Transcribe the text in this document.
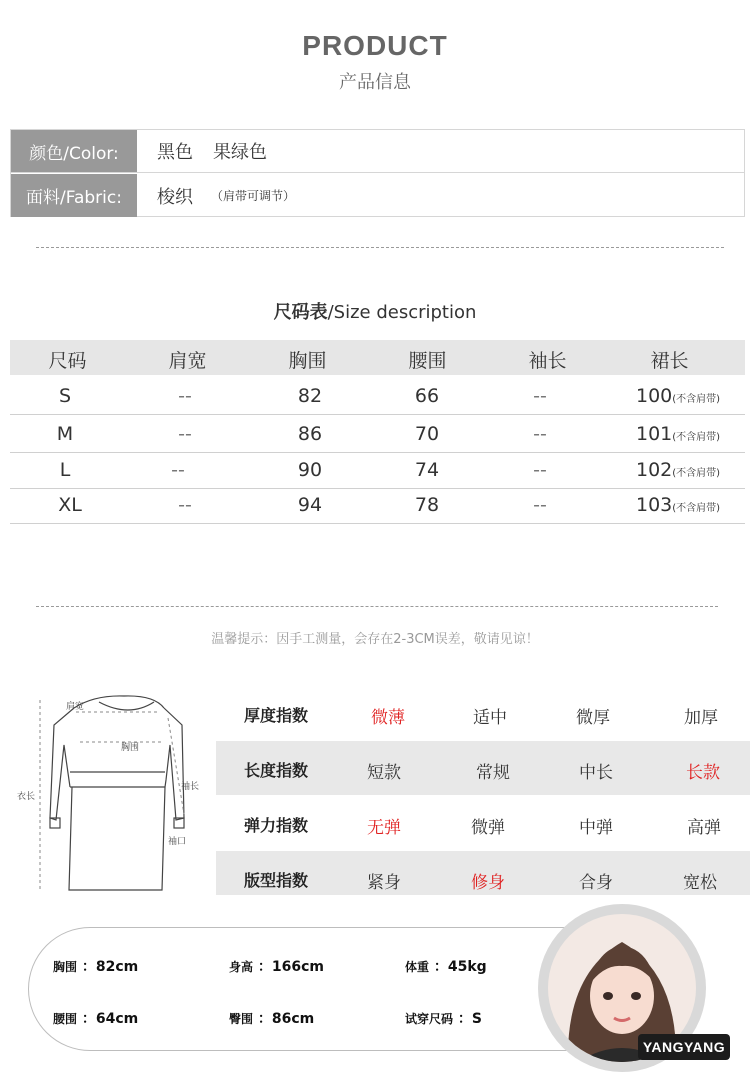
PRODUCT
产品信息
颜色/Color:	黑色 果绿色
面料/Fabric:	梭织 （肩带可调节）
尺码表/Size description
尺码	肩宽	胸围	腰围	袖长	裙长
S	--	82	66	--	100(不含肩带)
M	--	86	70	--	101(不含肩带)
L	--	90	74	--	102(不含肩带)
XL	--	94	78	--	103(不含肩带)
温馨提示：因手工测量，会存在2-3CM误差，敬请见谅！
肩宽
胸围
袖长
衣长
袖口
厚度指数	微薄	适中	微厚	加厚
长度指数	短款	常规	中长	长款
弹力指数	无弹	微弹	中弹	高弹
版型指数	紧身	修身	合身	宽松
胸围 ：82cm	身高 ：166cm	体重 ：45kg
腰围 ：64cm	臀围 ：86cm	试穿尺码 ：S
YANGYANG
